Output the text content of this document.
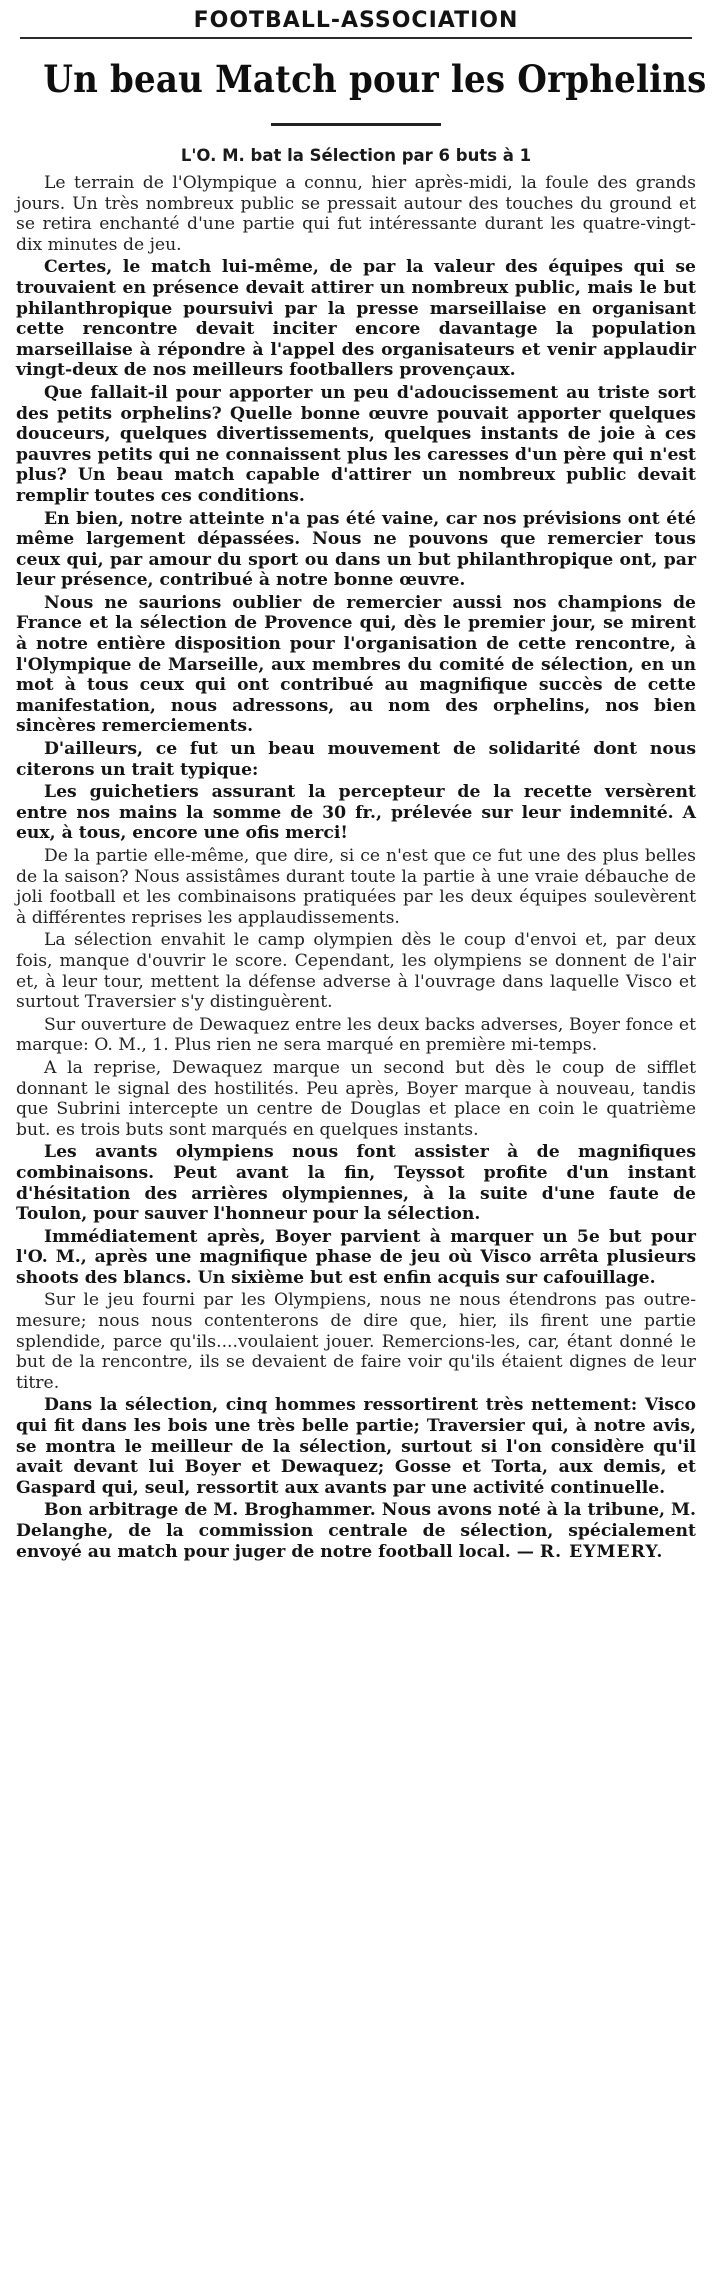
FOOTBALL-ASSOCIATION
Un beau Match pour les Orphelins
L'O. M. bat la Sélection par 6 buts à 1

Le terrain de l'Olympique a connu, hier après-midi, la foule des grands jours. Un très nombreux public se pressait autour des touches du ground et se retira enchanté d'une partie qui fut intéressante durant les quatre-vingt-dix minutes de jeu.

Certes, le match lui-même, de par la valeur des équipes qui se trouvaient en présence devait attirer un nombreux public, mais le but philanthropique poursuivi par la presse marseillaise en organisant cette rencontre devait inciter encore davantage la population marseillaise à répondre à l'appel des organisateurs et venir applaudir vingt-deux de nos meilleurs footballers provençaux.

Que fallait-il pour apporter un peu d'adoucissement au triste sort des petits orphelins? Quelle bonne œuvre pouvait apporter quelques douceurs, quelques divertissements, quelques instants de joie à ces pauvres petits qui ne connaissent plus les caresses d'un père qui n'est plus? Un beau match capable d'attirer un nombreux public devait remplir toutes ces conditions.

En bien, notre atteinte n'a pas été vaine, car nos prévisions ont été même largement dépassées. Nous ne pouvons que remercier tous ceux qui, par amour du sport ou dans un but philanthropique ont, par leur présence, contribué à notre bonne œuvre.

Nous ne saurions oublier de remercier aussi nos champions de France et la sélection de Provence qui, dès le premier jour, se mirent à notre entière disposition pour l'organisation de cette rencontre, à l'Olympique de Marseille, aux membres du comité de sélection, en un mot à tous ceux qui ont contribué au magnifique succès de cette manifestation, nous adressons, au nom des orphelins, nos bien sincères remerciements.

D'ailleurs, ce fut un beau mouvement de solidarité dont nous citerons un trait typique:

Les guichetiers assurant la percepteur de la recette versèrent entre nos mains la somme de 30 fr., prélevée sur leur indemnité. A eux, à tous, encore une ofis merci!

De la partie elle-même, que dire, si ce n'est que ce fut une des plus belles de la saison? Nous assistâmes durant toute la partie à une vraie débauche de joli football et les combinaisons pratiquées par les deux équipes soulevèrent à différentes reprises les applaudissements.

La sélection envahit le camp olympien dès le coup d'envoi et, par deux fois, manque d'ouvrir le score. Cependant, les olympiens se donnent de l'air et, à leur tour, mettent la défense adverse à l'ouvrage dans laquelle Visco et surtout Traversier s'y distinguèrent.

Sur ouverture de Dewaquez entre les deux backs adverses, Boyer fonce et marque: O. M., 1. Plus rien ne sera marqué en première mi-temps.

A la reprise, Dewaquez marque un second but dès le coup de sifflet donnant le signal des hostilités. Peu après, Boyer marque à nouveau, tandis que Subrini intercepte un centre de Douglas et place en coin le quatrième but. es trois buts sont marqués en quelques instants.

Les avants olympiens nous font assister à de magnifiques combinaisons. Peut avant la fin, Teyssot profite d'un instant d'hésitation des arrières olympiennes, à la suite d'une faute de Toulon, pour sauver l'honneur pour la sélection.

Immédiatement après, Boyer parvient à marquer un 5e but pour l'O. M., après une magnifique phase de jeu où Visco arrêta plusieurs shoots des blancs. Un sixième but est enfin acquis sur cafouillage.

Sur le jeu fourni par les Olympiens, nous ne nous étendrons pas outre-mesure; nous nous contenterons de dire que, hier, ils firent une partie splendide, parce qu'ils....voulaient jouer. Remercions-les, car, étant donné le but de la rencontre, ils se devaient de faire voir qu'ils étaient dignes de leur titre.

Dans la sélection, cinq hommes ressortirent très nettement: Visco qui fit dans les bois une très belle partie; Traversier qui, à notre avis, se montra le meilleur de la sélection, surtout si l'on considère qu'il avait devant lui Boyer et Dewaquez; Gosse et Torta, aux demis, et Gaspard qui, seul, ressortit aux avants par une activité continuelle.

Bon arbitrage de M. Broghammer. Nous avons noté à la tribune, M. Delanghe, de la commission centrale de sélection, spécialement envoyé au match pour juger de notre football local. — R. EYMERY.
